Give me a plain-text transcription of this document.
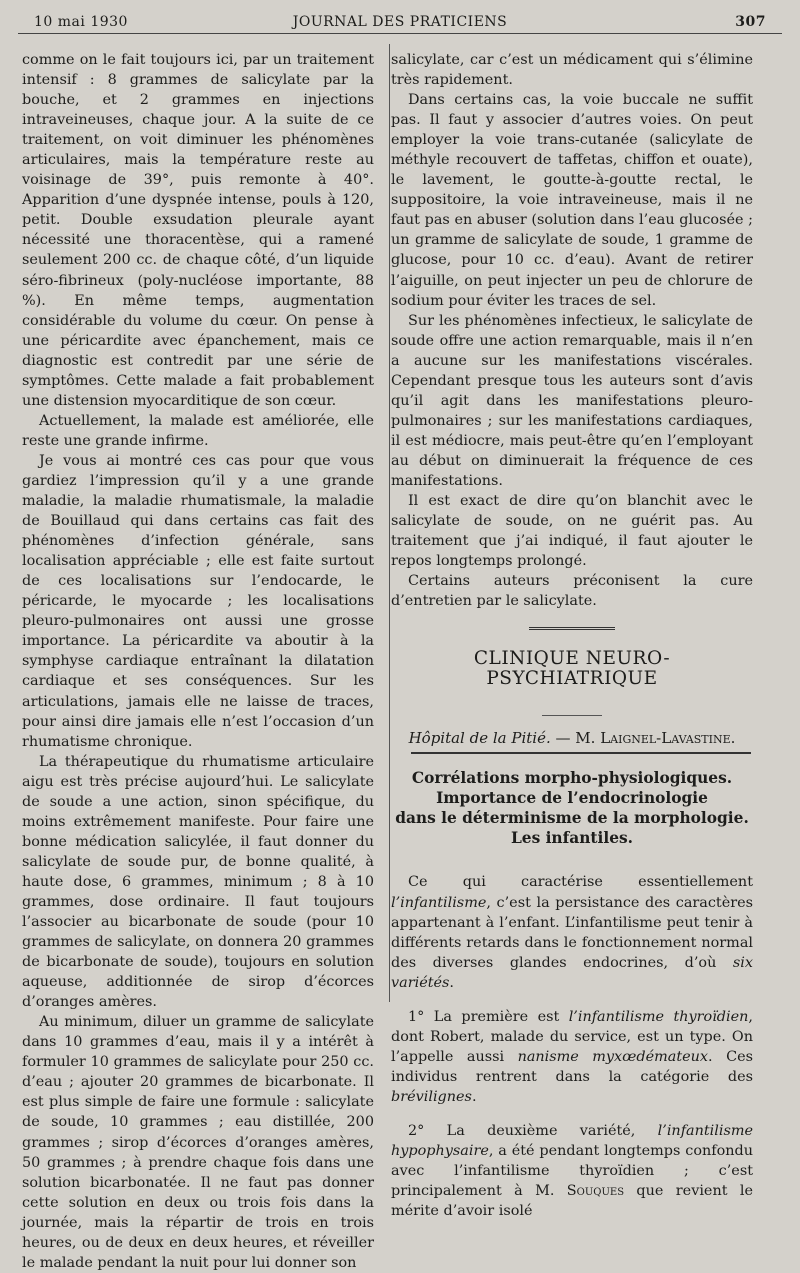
10 mai 1930	JOURNAL DES PRATICIENS	307

comme on le fait toujours ici, par un traitement intensif : 8 grammes de salicylate par la bouche, et 2 grammes en injections intraveineuses, chaque jour. A la suite de ce traitement, on voit diminuer les phénomènes articulaires, mais la température reste au voisinage de 39°, puis remonte à 40°. Apparition d’une dyspnée intense, pouls à 120, petit. Double exsudation pleurale ayant nécessité une thoracentèse, qui a ramené seulement 200 cc. de chaque côté, d’un liquide séro-fibrineux (poly-nucléose importante, 88 %). En même temps, augmentation considérable du volume du cœur. On pense à une péricardite avec épanchement, mais ce diagnostic est contredit par une série de symptômes. Cette malade a fait probablement une distension myocarditique de son cœur.

Actuellement, la malade est améliorée, elle reste une grande infirme.

Je vous ai montré ces cas pour que vous gardiez l’impression qu’il y a une grande maladie, la maladie rhumatismale, la maladie de Bouillaud qui dans certains cas fait des phénomènes d’infection générale, sans localisation appréciable ; elle est faite surtout de ces localisations sur l’endocarde, le péricarde, le myocarde ; les localisations pleuro-pulmonaires ont aussi une grosse importance. La péricardite va aboutir à la symphyse cardiaque entraînant la dilatation cardiaque et ses conséquences. Sur les articulations, jamais elle ne laisse de traces, pour ainsi dire jamais elle n’est l’occasion d’un rhumatisme chronique.

La thérapeutique du rhumatisme articulaire aigu est très précise aujourd’hui. Le salicylate de soude a une action, sinon spécifique, du moins extrêmement manifeste. Pour faire une bonne médication salicylée, il faut donner du salicylate de soude pur, de bonne qualité, à haute dose, 6 grammes, minimum ; 8 à 10 grammes, dose ordinaire. Il faut toujours l’associer au bicarbonate de soude (pour 10 grammes de salicylate, on donnera 20 grammes de bicarbonate de soude), toujours en solution aqueuse, additionnée de sirop d’écorces d’oranges amères.

Au minimum, diluer un gramme de salicylate dans 10 grammes d’eau, mais il y a intérêt à formuler 10 grammes de salicylate pour 250 cc. d’eau ; ajouter 20 grammes de bicarbonate. Il est plus simple de faire une formule : salicylate de soude, 10 grammes ; eau distillée, 200 grammes ; sirop d’écorces d’oranges amères, 50 grammes ; à prendre chaque fois dans une solution bicarbonatée. Il ne faut pas donner cette solution en deux ou trois fois dans la journée, mais la répartir de trois en trois heures, ou de deux en deux heures, et réveiller le malade pendant la nuit pour lui donner son

salicylate, car c’est un médicament qui s’élimine très rapidement.

Dans certains cas, la voie buccale ne suffit pas. Il faut y associer d’autres voies. On peut employer la voie trans-cutanée (salicylate de méthyle recouvert de taffetas, chiffon et ouate), le lavement, le goutte-à-goutte rectal, le suppositoire, la voie intraveineuse, mais il ne faut pas en abuser (solution dans l’eau glucosée ; un gramme de salicylate de soude, 1 gramme de glucose, pour 10 cc. d’eau). Avant de retirer l’aiguille, on peut injecter un peu de chlorure de sodium pour éviter les traces de sel.

Sur les phénomènes infectieux, le salicylate de soude offre une action remarquable, mais il n’en a aucune sur les manifestations viscérales. Cependant presque tous les auteurs sont d’avis qu’il agit dans les manifestations pleuro-pulmonaires ; sur les manifestations cardiaques, il est médiocre, mais peut-être qu’en l’employant au début on diminuerait la fréquence de ces manifestations.

Il est exact de dire qu’on blanchit avec le salicylate de soude, on ne guérit pas. Au traitement que j’ai indiqué, il faut ajouter le repos longtemps prolongé.

Certains auteurs préconisent la cure d’entretien par le salicylate.

CLINIQUE NEURO-PSYCHIATRIQUE
Hôpital de la Pitié. — M. Laignel-Lavastine.
Corrélations morpho-physiologiques.
Importance de l’endocrinologie
dans le déterminisme de la morphologie.
Les infantiles.

Ce qui caractérise essentiellement l’infantilisme, c’est la persistance des caractères appartenant à l’enfant. L’infantilisme peut tenir à différents retards dans le fonctionnement normal des diverses glandes endocrines, d’où six variétés.

1° La première est l’infantilisme thyroïdien, dont Robert, malade du service, est un type. On l’appelle aussi nanisme myxœdémateux. Ces individus rentrent dans la catégorie des brévilignes.

2° La deuxième variété, l’infantilisme hypophysaire, a été pendant longtemps confondu avec l’infantilisme thyroïdien ; c’est principalement à M. Souques que revient le mérite d’avoir isolé
